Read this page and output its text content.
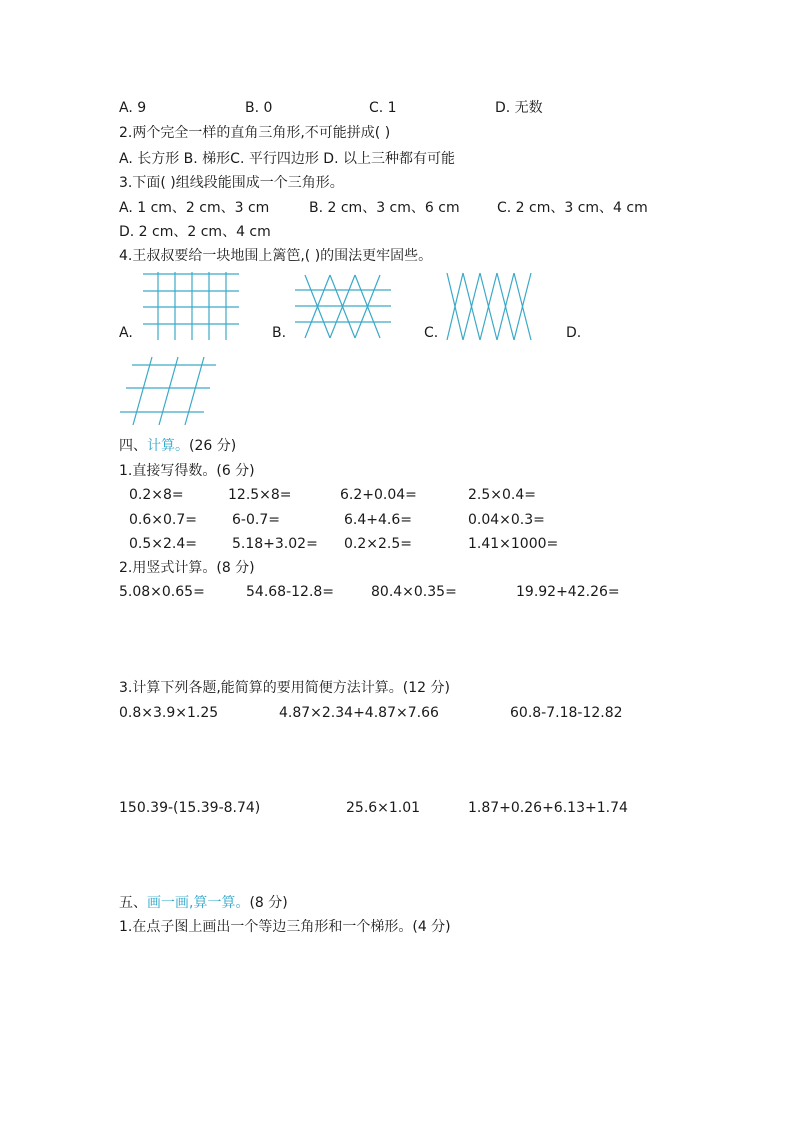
A. 9	B. 0	C. 1	D. 无数
2.两个完全一样的直角三角形,不可能拼成( )
A. 长方形 B. 梯形C. 平行四边形 D. 以上三种都有可能
3.下面( )组线段能围成一个三角形。
A. 1 cm、2 cm、3 cm	B. 2 cm、3 cm、6 cm	C. 2 cm、3 cm、4 cm
D. 2 cm、2 cm、4 cm
4.王叔叔要给一块地围上篱笆,( )的围法更牢固些。
A.	B.	C.	D.
四、计算。(26 分)
1.直接写得数。(6 分)
0.2×8=	12.5×8=	6.2+0.04=	2.5×0.4=
0.6×0.7=	6-0.7=	6.4+4.6=	0.04×0.3=
0.5×2.4=	5.18+3.02= 0.2×2.5=	1.41×1000=
2.用竖式计算。(8 分)
5.08×0.65=	54.68-12.8=	80.4×0.35=	19.92+42.26=
3.计算下列各题,能简算的要用简便方法计算。(12 分)
0.8×3.9×1.25	4.87×2.34+4.87×7.66	60.8-7.18-12.82
150.39-(15.39-8.74)	25.6×1.01	1.87+0.26+6.13+1.74
五、画一画,算一算。(8 分)
1.在点子图上画出一个等边三角形和一个梯形。(4 分)
